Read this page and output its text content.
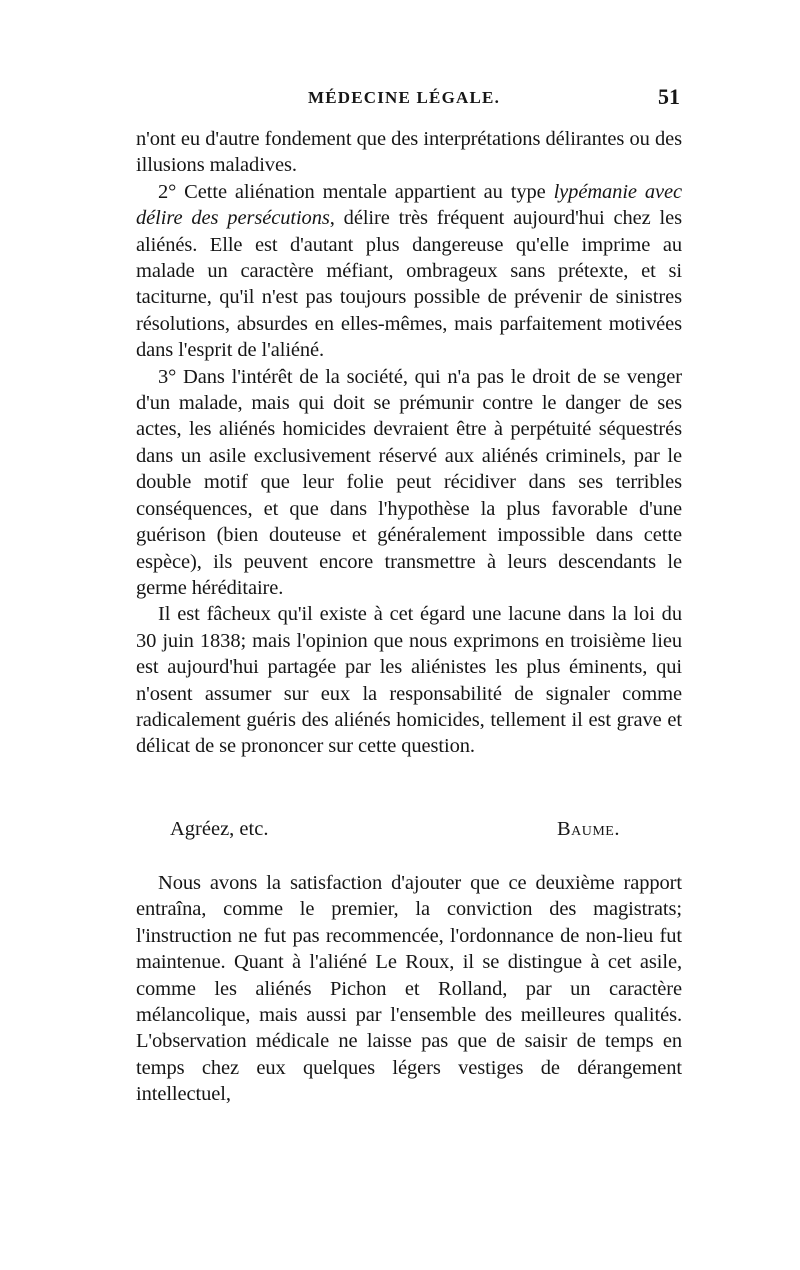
MÉDECINE LÉGALE.	51

n'ont eu d'autre fondement que des interprétations délirantes ou des illusions maladives.

2° Cette aliénation mentale appartient au type lypémanie avec délire des persécutions, délire très fréquent aujourd'hui chez les aliénés. Elle est d'autant plus dangereuse qu'elle imprime au malade un caractère méfiant, ombrageux sans prétexte, et si taciturne, qu'il n'est pas toujours possible de prévenir de sinistres résolutions, absurdes en elles-mêmes, mais parfaitement motivées dans l'esprit de l'aliéné.

3° Dans l'intérêt de la société, qui n'a pas le droit de se venger d'un malade, mais qui doit se prémunir contre le danger de ses actes, les aliénés homicides devraient être à perpétuité séquestrés dans un asile exclusivement réservé aux aliénés criminels, par le double motif que leur folie peut récidiver dans ses terribles conséquences, et que dans l'hypothèse la plus favorable d'une guérison (bien douteuse et généralement impossible dans cette espèce), ils peuvent encore transmettre à leurs descendants le germe héréditaire.

Il est fâcheux qu'il existe à cet égard une lacune dans la loi du 30 juin 1838; mais l'opinion que nous exprimons en troisième lieu est aujourd'hui partagée par les aliénistes les plus éminents, qui n'osent assumer sur eux la responsabilité de signaler comme radicalement guéris des aliénés homicides, tellement il est grave et délicat de se prononcer sur cette question.

Agréez, etc.	Baume.

Nous avons la satisfaction d'ajouter que ce deuxième rapport entraîna, comme le premier, la conviction des magistrats; l'instruction ne fut pas recommencée, l'ordonnance de non-lieu fut maintenue. Quant à l'aliéné Le Roux, il se distingue à cet asile, comme les aliénés Pichon et Rolland, par un caractère mélancolique, mais aussi par l'ensemble des meilleures qualités. L'observation médicale ne laisse pas que de saisir de temps en temps chez eux quelques légers vestiges de dérangement intellectuel,
